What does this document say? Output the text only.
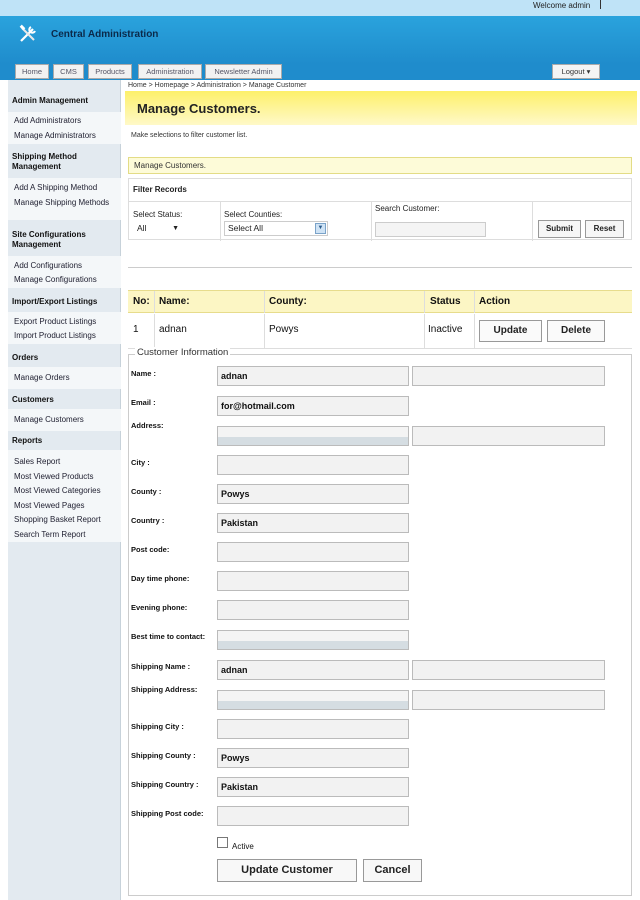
Welcome admin
Central Administration
Home	CMS	Products	Administration	Newsletter Admin	Logout ▾
Admin Management
Add Administrators
Manage Administrators
Shipping Method Management
Add A Shipping Method
Manage Shipping Methods
Site Configurations Management
Add Configurations
Manage Configurations
Import/Export Listings
Export Product Listings
Import Product Listings
Orders
Manage Orders
Customers
Manage Customers
Reports
Sales Report
Most Viewed Products
Most Viewed Categories
Most Viewed Pages
Shopping Basket Report
Search Term Report
Home > Homepage > Administration > Manage Customer
Manage Customers.
Make selections to filter customer list.
Manage Customers.
Filter Records
Select Status:
All	▼
Select Counties:
Select All	▼
Search Customer:
Submit	Reset
No: Name:	County:	Status Action
1 adnan	Powys	Inactive	Update	Delete
Customer Information
Name :	adnan
Email :	for@hotmail.com
Address:
City :
County :	Powys
Country :	Pakistan
Post code:
Day time phone:
Evening phone:
Best time to contact:
Shipping Name :	adnan
Shipping Address:
Shipping City :
Shipping County :	Powys
Shipping Country :	Pakistan
Shipping Post code:
Active
Update Customer	Cancel
